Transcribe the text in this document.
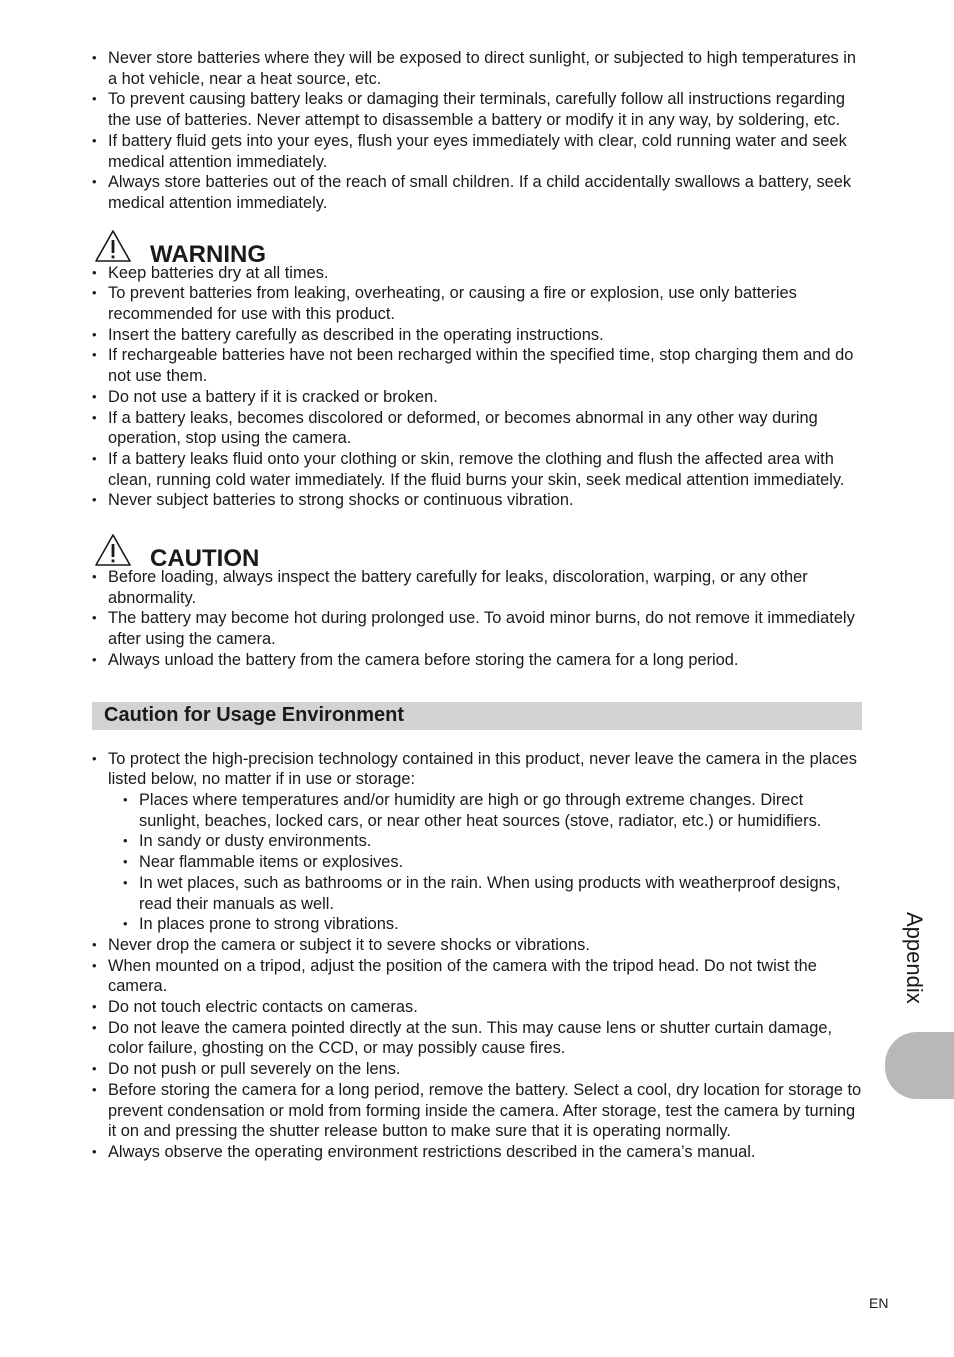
• Never store batteries where they will be exposed to direct sunlight, or subjected to high temperatures in a hot vehicle, near a heat source, etc.
• To prevent causing battery leaks or damaging their terminals, carefully follow all instructions regarding the use of batteries. Never attempt to disassemble a battery or modify it in any way, by soldering, etc.
• If battery fluid gets into your eyes, flush your eyes immediately with clear, cold running water and seek medical attention immediately.
• Always store batteries out of the reach of small children. If a child accidentally swallows a battery, seek medical attention immediately.
WARNING
• Keep batteries dry at all times.
• To prevent batteries from leaking, overheating, or causing a fire or explosion, use only batteries recommended for use with this product.
• Insert the battery carefully as described in the operating instructions.
• If rechargeable batteries have not been recharged within the specified time, stop charging them and do not use them.
• Do not use a battery if it is cracked or broken.
• If a battery leaks, becomes discolored or deformed, or becomes abnormal in any other way during operation, stop using the camera.
• If a battery leaks fluid onto your clothing or skin, remove the clothing and flush the affected area with clean, running cold water immediately. If the fluid burns your skin, seek medical attention immediately.
• Never subject batteries to strong shocks or continuous vibration.
CAUTION
• Before loading, always inspect the battery carefully for leaks, discoloration, warping, or any other abnormality.
• The battery may become hot during prolonged use. To avoid minor burns, do not remove it immediately after using the camera.
• Always unload the battery from the camera before storing the camera for a long period.
Caution for Usage Environment
• To protect the high-precision technology contained in this product, never leave the camera in the places listed below, no matter if in use or storage:
• Places where temperatures and/or humidity are high or go through extreme changes. Direct sunlight, beaches, locked cars, or near other heat sources (stove, radiator, etc.) or humidifiers.
• In sandy or dusty environments.
• Near flammable items or explosives.
• In wet places, such as bathrooms or in the rain. When using products with weatherproof designs, read their manuals as well.
• In places prone to strong vibrations.
• Never drop the camera or subject it to severe shocks or vibrations.
• When mounted on a tripod, adjust the position of the camera with the tripod head. Do not twist the camera.
• Do not touch electric contacts on cameras.
• Do not leave the camera pointed directly at the sun. This may cause lens or shutter curtain damage, color failure, ghosting on the CCD, or may possibly cause fires.
• Do not push or pull severely on the lens.
• Before storing the camera for a long period, remove the battery. Select a cool, dry location for storage to prevent condensation or mold from forming inside the camera. After storage, test the camera by turning it on and pressing the shutter release button to make sure that it is operating normally.
• Always observe the operating environment restrictions described in the camera’s manual.
Appendix
EN
